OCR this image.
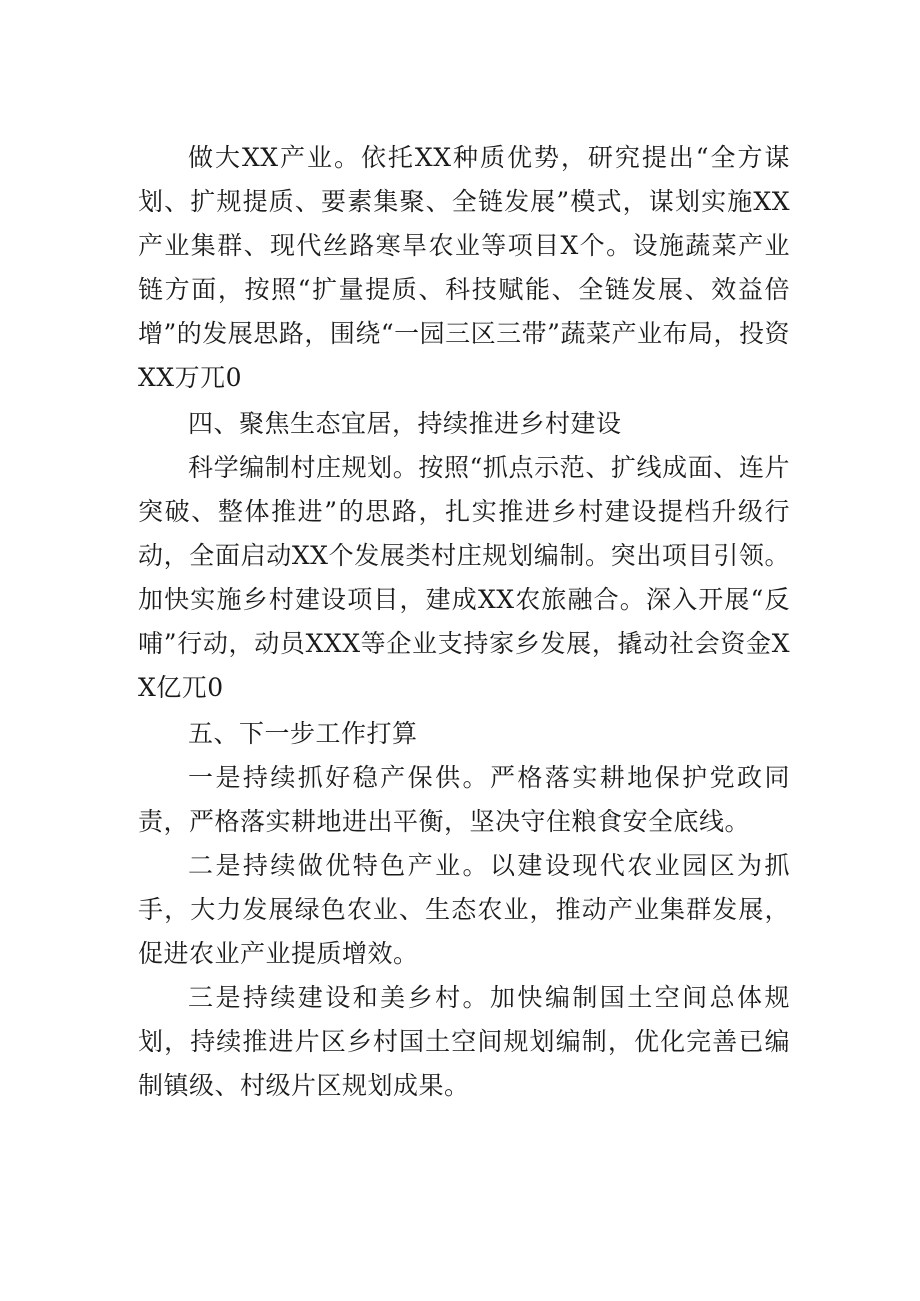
做大XX产业。依托XX种质优势，研究提出“全方谋划、扩规提质、要素集聚、全链发展”模式，谋划实施XX产业集群、现代丝路寒旱农业等项目X个。设施蔬菜产业链方面，按照“扩量提质、科技赋能、全链发展、效益倍增”的发展思路，围绕“一园三区三带”蔬菜产业布局，投资XX万兀0

四、聚焦生态宜居，持续推进乡村建设

科学编制村庄规划。按照“抓点示范、扩线成面、连片突破、整体推进”的思路，扎实推进乡村建设提档升级行动，全面启动XX个发展类村庄规划编制。突出项目引领。加快实施乡村建设项目，建成XX农旅融合。深入开展“反哺”行动，动员XXX等企业支持家乡发展，撬动社会资金XX亿兀0

五、下一步工作打算

一是持续抓好稳产保供。严格落实耕地保护党政同责，严格落实耕地进出平衡，坚决守住粮食安全底线。

二是持续做优特色产业。以建设现代农业园区为抓手，大力发展绿色农业、生态农业，推动产业集群发展，促进农业产业提质增效。

三是持续建设和美乡村。加快编制国土空间总体规划，持续推进片区乡村国土空间规划编制，优化完善已编制镇级、村级片区规划成果。
